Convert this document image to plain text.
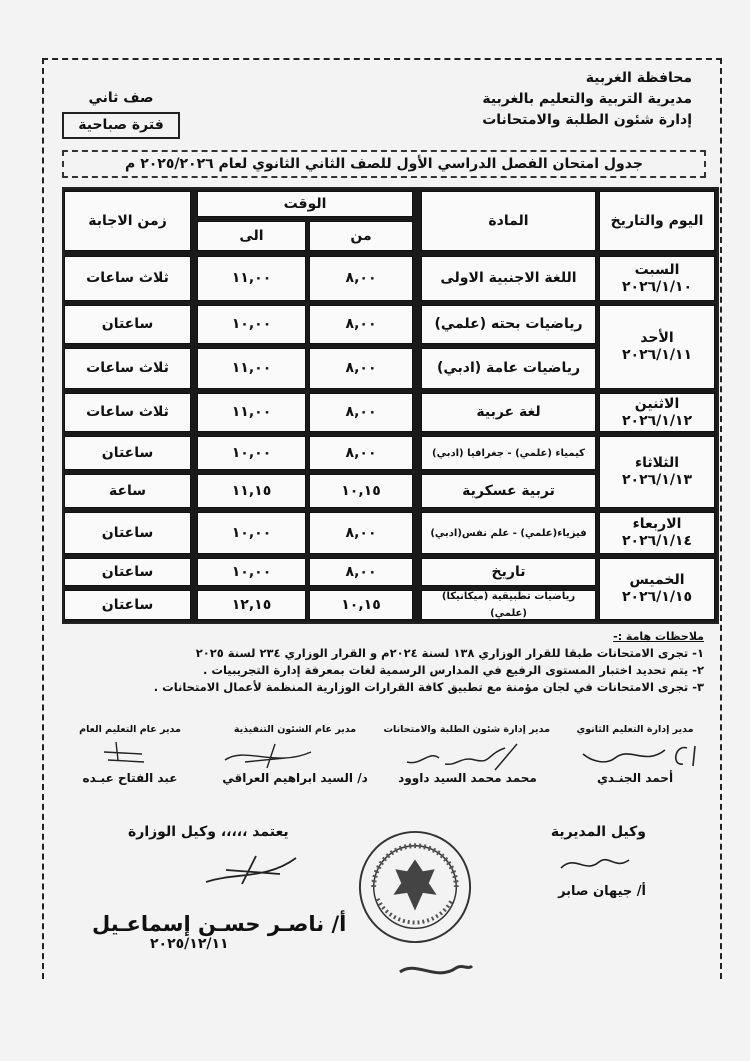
محافظة الغربية
مديرية التربية والتعليم بالغربية
إدارة شئون الطلبة والامتحانات
صف ثاني
فترة صباحية
جدول امتحان الفصل الدراسي الأول للصف الثاني الثانوي لعام ٢٠٢٥/٢٠٢٦ م
اليوم والتاريخ
المادة
الوقت
من
الى
زمن الاجابة
السبت
٢٠٢٦/١/١٠
الأحد
٢٠٢٦/١/١١
الاثنين
٢٠٢٦/١/١٢
الثلاثاء
٢٠٢٦/١/١٣
الاربعاء
٢٠٢٦/١/١٤
الخميس
٢٠٢٦/١/١٥
اللغة الاجنبية الاولى
٨,٠٠
١١,٠٠
ثلاث ساعات
رياضيات بحته (علمي)
٨,٠٠
١٠,٠٠
ساعتان
رياضيات عامة (ادبي)
٨,٠٠
١١,٠٠
ثلاث ساعات
لغة عربية
٨,٠٠
١١,٠٠
ثلاث ساعات
كيمياء (علمي) - جغرافيا (ادبي)
٨,٠٠
١٠,٠٠
ساعتان
تربية عسكرية
١٠,١٥
١١,١٥
ساعة
فيزياء(علمي) - علم نفس(ادبي)
٨,٠٠
١٠,٠٠
ساعتان
تاريخ
٨,٠٠
١٠,٠٠
ساعتان
رياضيات تطبيقية (ميكانيكا) (علمي)
١٠,١٥
١٢,١٥
ساعتان
ملاحظات هامة :-
١- تجرى الامتحانات طبقا للقرار الوزاري ١٣٨ لسنة ٢٠٢٤م و القرار الوزاري ٢٣٤ لسنة ٢٠٢٥
٢- يتم تحديد اختبار المستوى الرفيع في المدارس الرسمية لغات بمعرفة إدارة التجريبيات .
٣- تجرى الامتحانات في لجان مؤمنة مع تطبيق كافة القرارات الوزارية المنظمة لأعمال الامتحانات .
مدير إدارة التعليم الثانوي
أحمد الجنـدي
مدير إدارة شئون الطلبة والامتحانات
محمد محمد السيد داوود
مدير عام الشئون التنفيذية
د/ السيد ابراهيم العراقي
مدير عام التعليم العام
عبد الفتاح عبـده
وكيل المديرية
أ/ جيهان صابر
يعتمد ،،،،، وكيل الوزارة
أ/ ناصـر حسـن إسماعـيل
٢٠٢٥/١٢/١١
